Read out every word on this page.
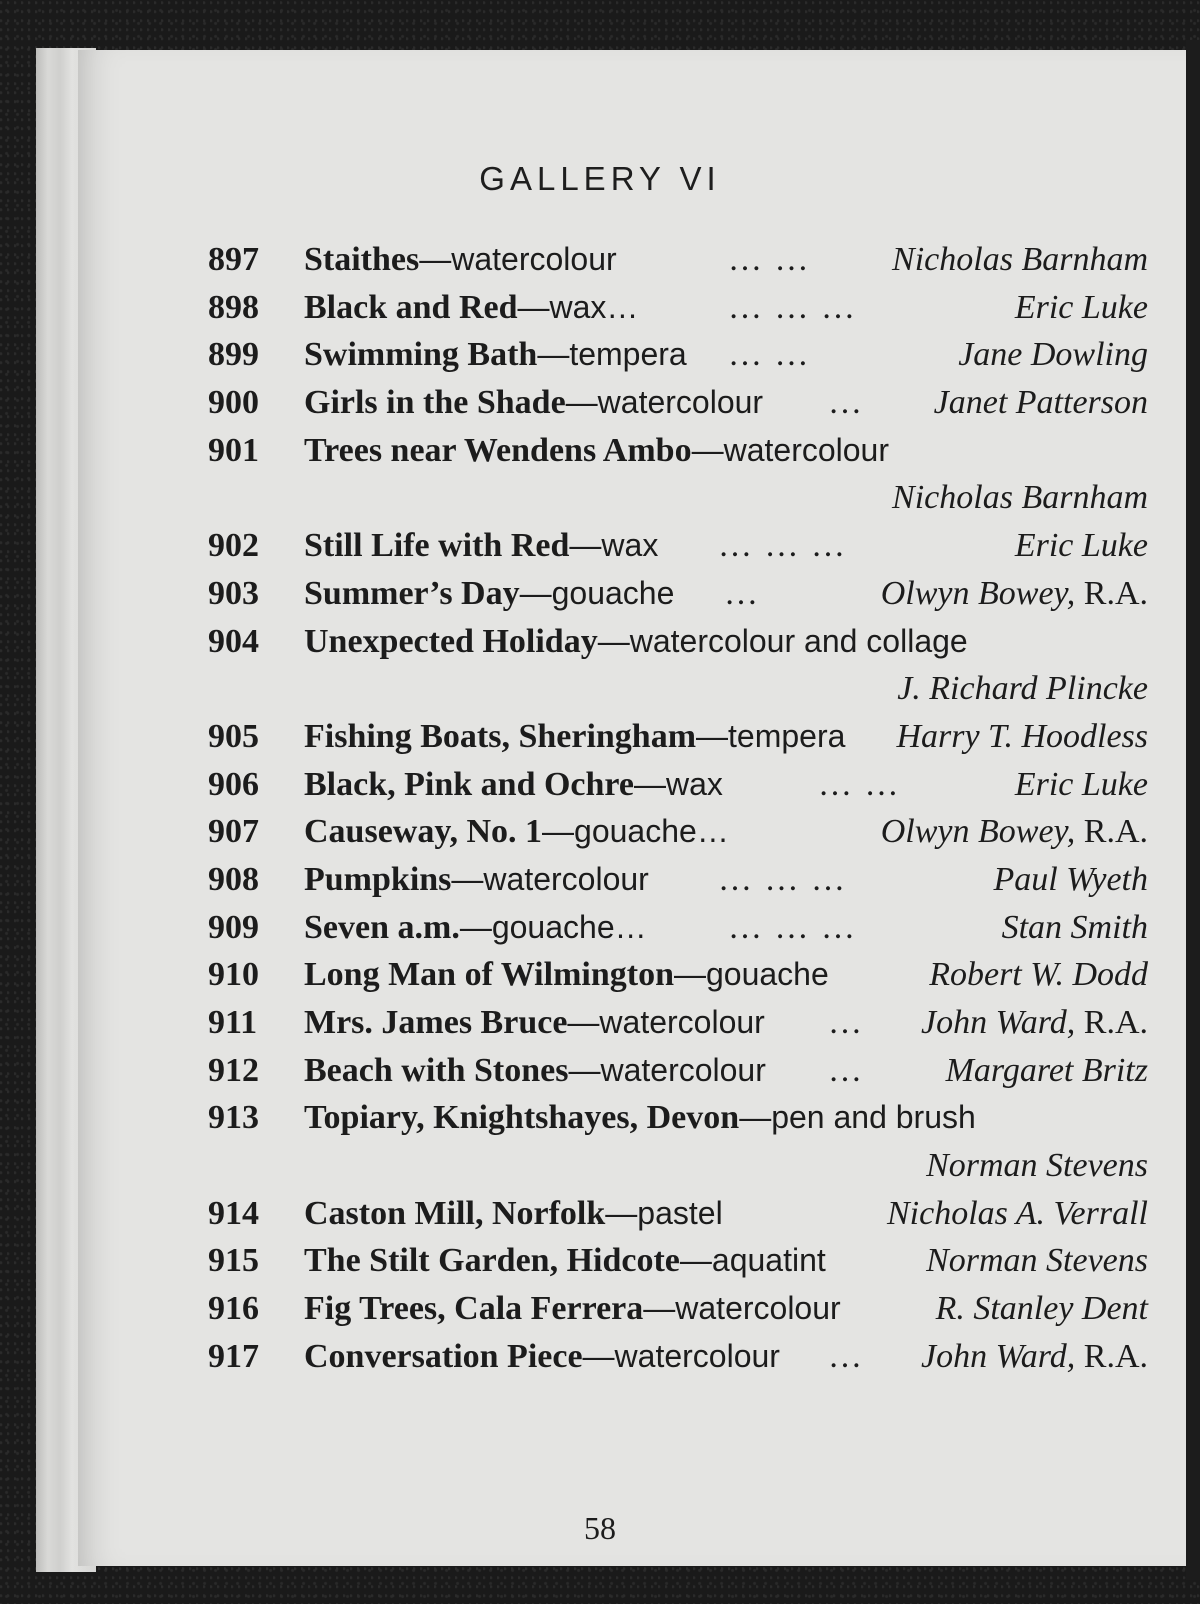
GALLERY VI
897	Staithes—watercolour	… … Nicholas Barnham
898	Black and Red—wax…	… … …	Eric Luke
899	Swimming Bath—tempera … …	Jane Dowling
900	Girls in the Shade—watercolour … Janet Patterson
901	Trees near Wendens Ambo—watercolour
Nicholas Barnham
902	Still Life with Red—wax … … …	Eric Luke
903	Summer’s Day—gouache …	Olwyn Bowey, R.A.
904	Unexpected Holiday—watercolour and collage
J. Richard Plincke
905	Fishing Boats, Sheringham—tempera Harry T. Hoodless
906	Black, Pink and Ochre—wax	… …	Eric Luke
907	Causeway, No. 1—gouache…	Olwyn Bowey, R.A.
908	Pumpkins—watercolour … … …	Paul Wyeth
909	Seven a.m.—gouache… … … …	Stan Smith
910	Long Man of Wilmington—gouache	Robert W. Dodd
911	Mrs. James Bruce—watercolour … John Ward, R.A.
912	Beach with Stones—watercolour … Margaret Britz
913	Topiary, Knightshayes, Devon—pen and brush
Norman Stevens
914	Caston Mill, Norfolk—pastel	Nicholas A. Verrall
915	The Stilt Garden, Hidcote—aquatint	Norman Stevens
916	Fig Trees, Cala Ferrera—watercolour	R. Stanley Dent
917	Conversation Piece—watercolour … John Ward, R.A.
58
